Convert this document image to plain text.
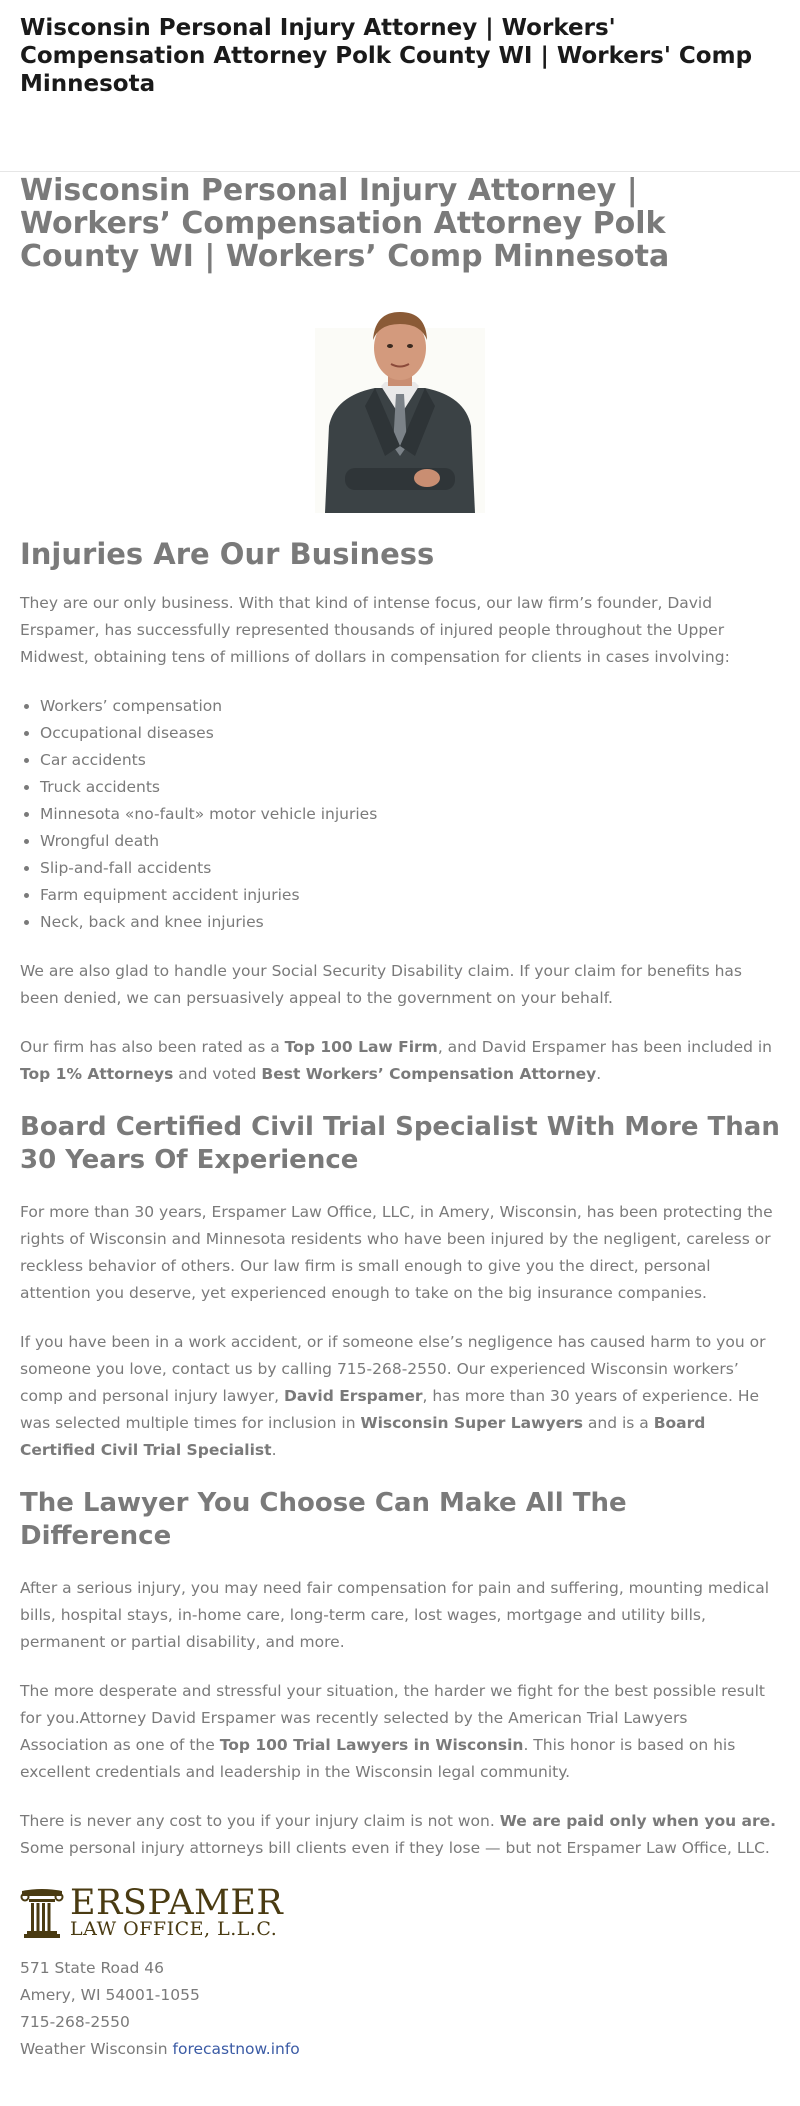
Wisconsin Personal Injury Attorney | Workers' Compensation Attorney Polk County WI | Workers' Comp Minnesota
Wisconsin Personal Injury Attorney | Workers’ Compensation Attorney Polk County WI | Workers’ Comp Minnesota
Injuries Are Our Business

They are our only business. With that kind of intense focus, our law firm’s founder, David Erspamer, has successfully represented thousands of injured people throughout the Upper Midwest, obtaining tens of millions of dollars in compensation for clients in cases involving:

• Workers’ compensation
• Occupational diseases
• Car accidents
• Truck accidents
• Minnesota «no-fault» motor vehicle injuries
• Wrongful death
• Slip-and-fall accidents
• Farm equipment accident injuries
• Neck, back and knee injuries

We are also glad to handle your Social Security Disability claim. If your claim for benefits has been denied, we can persuasively appeal to the government on your behalf.

Our firm has also been rated as a Top 100 Law Firm, and David Erspamer has been included in Top 1% Attorneys and voted Best Workers’ Compensation Attorney.

Board Certified Civil Trial Specialist With More Than 30 Years Of Experience

For more than 30 years, Erspamer Law Office, LLC, in Amery, Wisconsin, has been protecting the rights of Wisconsin and Minnesota residents who have been injured by the negligent, careless or reckless behavior of others. Our law firm is small enough to give you the direct, personal attention you deserve, yet experienced enough to take on the big insurance companies.

If you have been in a work accident, or if someone else’s negligence has caused harm to you or someone you love, contact us by calling 715-268-2550. Our experienced Wisconsin workers’ comp and personal injury lawyer, David Erspamer, has more than 30 years of experience. He was selected multiple times for inclusion in Wisconsin Super Lawyers and is a Board Certified Civil Trial Specialist.

The Lawyer You Choose Can Make All The Difference

After a serious injury, you may need fair compensation for pain and suffering, mounting medical bills, hospital stays, in-home care, long-term care, lost wages, mortgage and utility bills, permanent or partial disability, and more.

The more desperate and stressful your situation, the harder we fight for the best possible result for you.Attorney David Erspamer was recently selected by the American Trial Lawyers Association as one of the Top 100 Trial Lawyers in Wisconsin. This honor is based on his excellent credentials and leadership in the Wisconsin legal community.

There is never any cost to you if your injury claim is not won. We are paid only when you are. Some personal injury attorneys bill clients even if they lose — but not Erspamer Law Office, LLC.

ERSPAMER
LAW OFFICE, L.L.C.
571 State Road 46
Amery, WI 54001-1055
715-268-2550
Weather Wisconsin forecastnow.info
